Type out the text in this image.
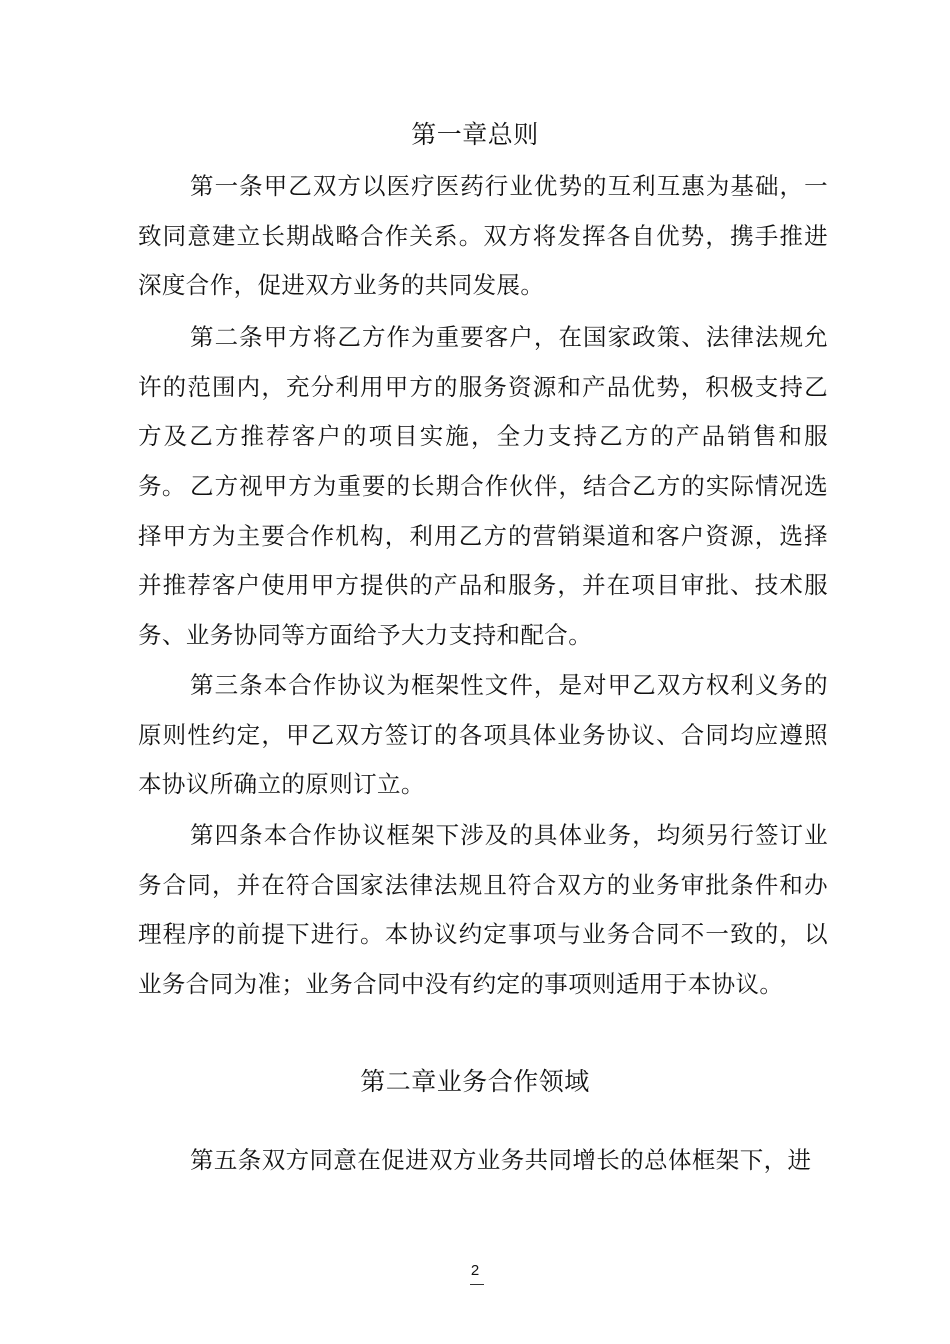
第一章总则

第一条甲乙双方以医疗医药行业优势的互利互惠为基础，一致同意建立长期战略合作关系。双方将发挥各自优势，携手推进深度合作，促进双方业务的共同发展。

第二条甲方将乙方作为重要客户，在国家政策、法律法规允许的范围内，充分利用甲方的服务资源和产品优势，积极支持乙方及乙方推荐客户的项目实施，全力支持乙方的产品销售和服务。 乙方视甲方为重要的长期合作伙伴，结合乙方的实际情况选择甲方为主要合作机构，利用乙方的营销渠道和客户资源，选择并推荐客户使用甲方提供的产品和服务，并在项目审批、技术服务、业务协同等方面给予大力支持和配合。

第三条本合作协议为框架性文件，是对甲乙双方权利义务的原则性约定，甲乙双方签订的各项具体业务协议、合同均应遵照本协议所确立的原则订立。

第四条本合作协议框架下涉及的具体业务，均须另行签订业务合同，并在符合国家法律法规且符合双方的业务审批条件和办理程序的前提下进行。本协议约定事项与业务合同不一致的，以业务合同为准；业务合同中没有约定的事项则适用于本协议。

第二章业务合作领域

第五条双方同意在促进双方业务共同增长的总体框架下，进

2
